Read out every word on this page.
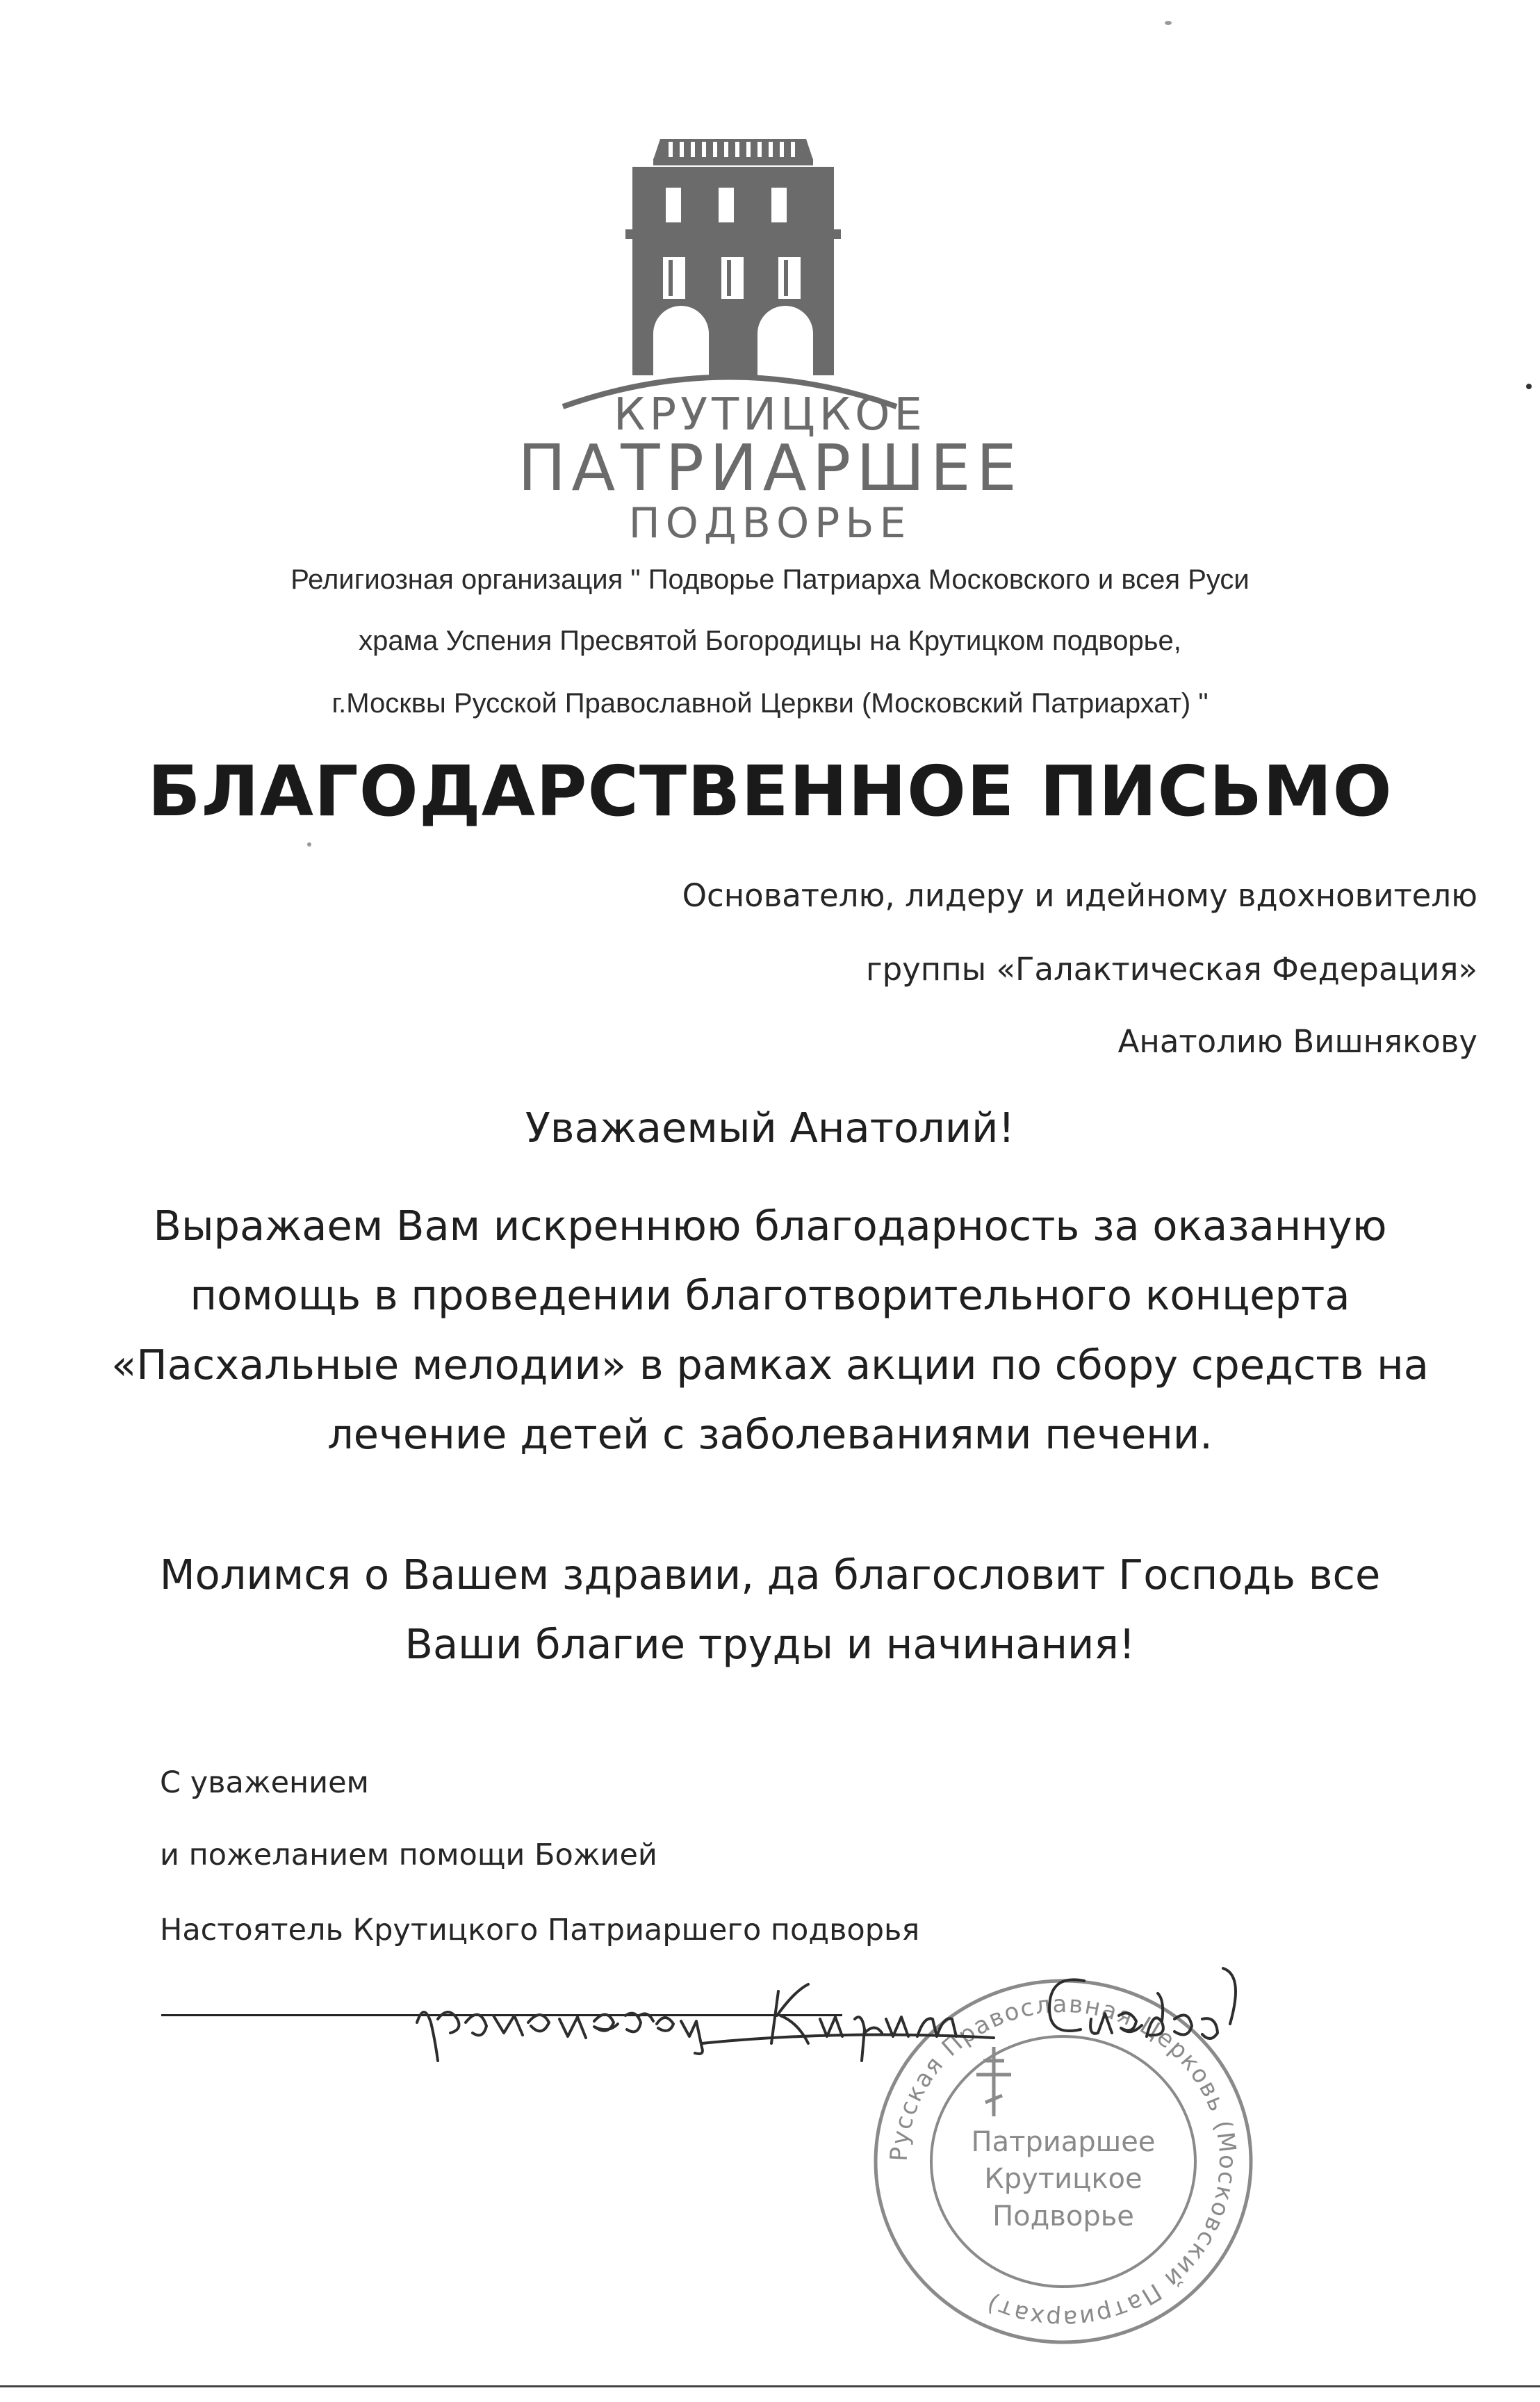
КРУТИЦКОЕ
ПАТРИАРШЕЕ
ПОДВОРЬЕ
Религиозная организация " Подворье Патриарха Московского и всея Руси
храма Успения Пресвятой Богородицы на Крутицком подворье,
г.Москвы Русской Православной Церкви (Московский Патриархат) "
БЛАГОДАРСТВЕННОЕ ПИСЬМО
Основателю, лидеру и идейному вдохновителю
группы «Галактическая Федерация»
Анатолию Вишнякову
Уважаемый Анатолий!
Выражаем Вам искреннюю благодарность за оказанную
помощь в проведении благотворительного концерта
«Пасхальные мелодии» в рамках акции по сбору средств на
лечение детей с заболеваниями печени.
Молимся о Вашем здравии, да благословит Господь все
Ваши благие труды и начинания!
С уважением
и пожеланием помощи Божией
Настоятель Крутицкого Патриаршего подворья
Русская Православная Церковь (Московский Патриархат)
Патриаршее
Крутицкое
Подворье
